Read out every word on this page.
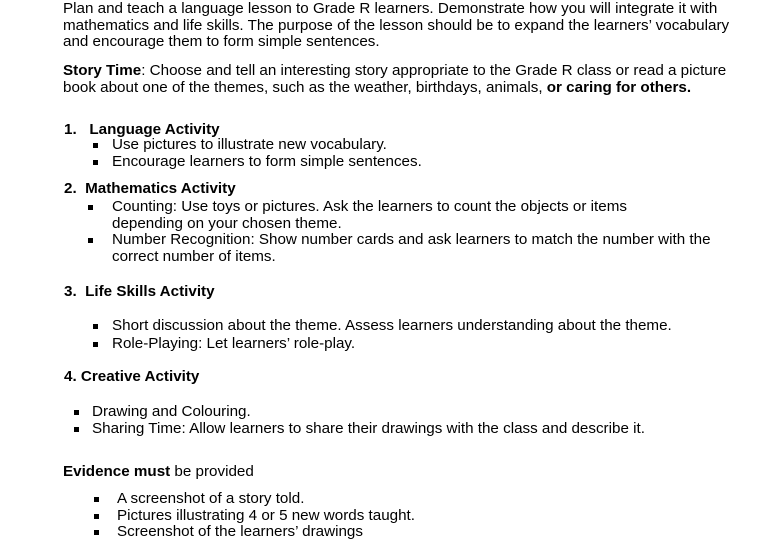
Plan and teach a language lesson to Grade R learners. Demonstrate how you will integrate it with mathematics and life skills. The purpose of the lesson should be to expand the learners’ vocabulary and encourage them to form simple sentences.

Story Time: Choose and tell an interesting story appropriate to the Grade R class or read a picture book about one of the themes, such as the weather, birthdays, animals, or caring for others.

1. Language Activity
Use pictures to illustrate new vocabulary.
Encourage learners to form simple sentences.
2. Mathematics Activity
Counting: Use toys or pictures. Ask the learners to count the objects or items depending on your chosen theme.
Number Recognition: Show number cards and ask learners to match the number with the correct number of items.
3. Life Skills Activity
Short discussion about the theme. Assess learners understanding about the theme.
Role-Playing: Let learners’ role-play.
4. Creative Activity
Drawing and Colouring.
Sharing Time: Allow learners to share their drawings with the class and describe it.
Evidence must be provided
A screenshot of a story told.
Pictures illustrating 4 or 5 new words taught.
Screenshot of the learners’ drawings
